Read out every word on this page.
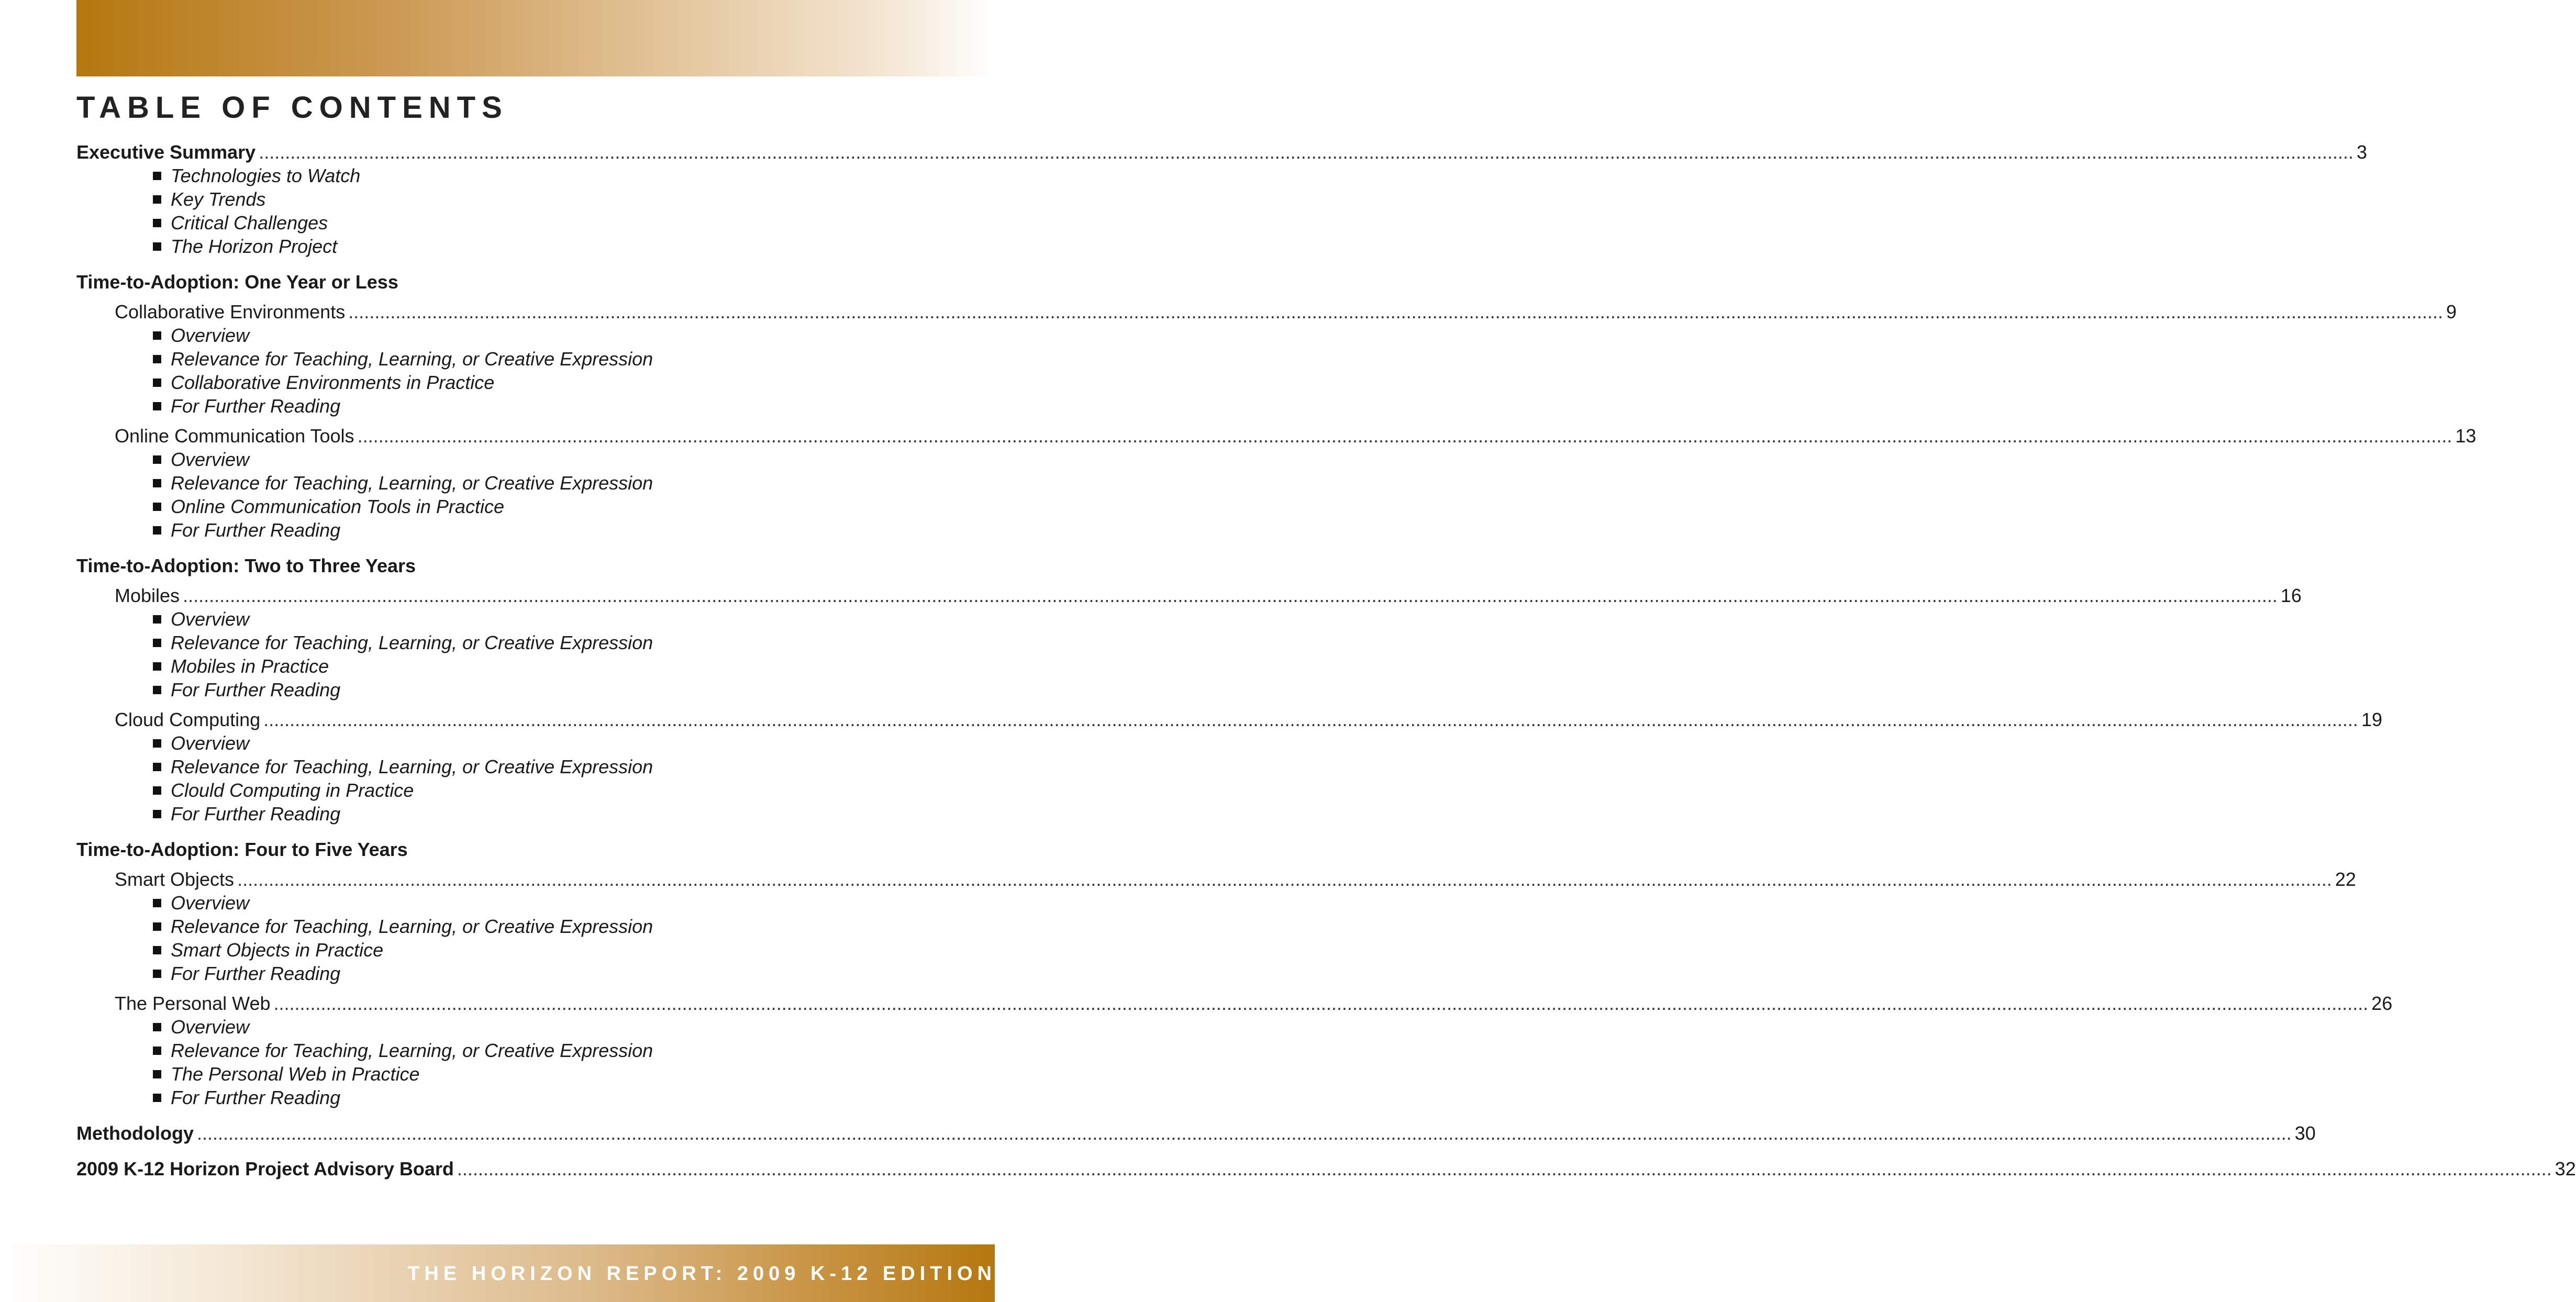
TABLE OF CONTENTS
Executive Summary ................................................................................................................................................................................................................................................................................................................................................................................................................ 3
Technologies to Watch
Key Trends
Critical Challenges
The Horizon Project
Time-to-Adoption: One Year or Less
Collaborative Environments ................................................................................................................................................................................................................................................................................................................................................................................................................ 9
Overview
Relevance for Teaching, Learning, or Creative Expression
Collaborative Environments in Practice
For Further Reading
Online Communication Tools ................................................................................................................................................................................................................................................................................................................................................................................................................ 13
Overview
Relevance for Teaching, Learning, or Creative Expression
Online Communication Tools in Practice
For Further Reading
Time-to-Adoption: Two to Three Years
Mobiles ................................................................................................................................................................................................................................................................................................................................................................................................................ 16
Overview
Relevance for Teaching, Learning, or Creative Expression
Mobiles in Practice
For Further Reading
Cloud Computing ................................................................................................................................................................................................................................................................................................................................................................................................................ 19
Overview
Relevance for Teaching, Learning, or Creative Expression
Clould Computing in Practice
For Further Reading
Time-to-Adoption: Four to Five Years
Smart Objects ................................................................................................................................................................................................................................................................................................................................................................................................................ 22
Overview
Relevance for Teaching, Learning, or Creative Expression
Smart Objects in Practice
For Further Reading
The Personal Web ................................................................................................................................................................................................................................................................................................................................................................................................................ 26
Overview
Relevance for Teaching, Learning, or Creative Expression
The Personal Web in Practice
For Further Reading
Methodology ................................................................................................................................................................................................................................................................................................................................................................................................................ 30
2009 K-12 Horizon Project Advisory Board ................................................................................................................................................................................................................................................................................................................................................................................................................ 32
THE HORIZON REPORT: 2009 K-12 EDITION 1
